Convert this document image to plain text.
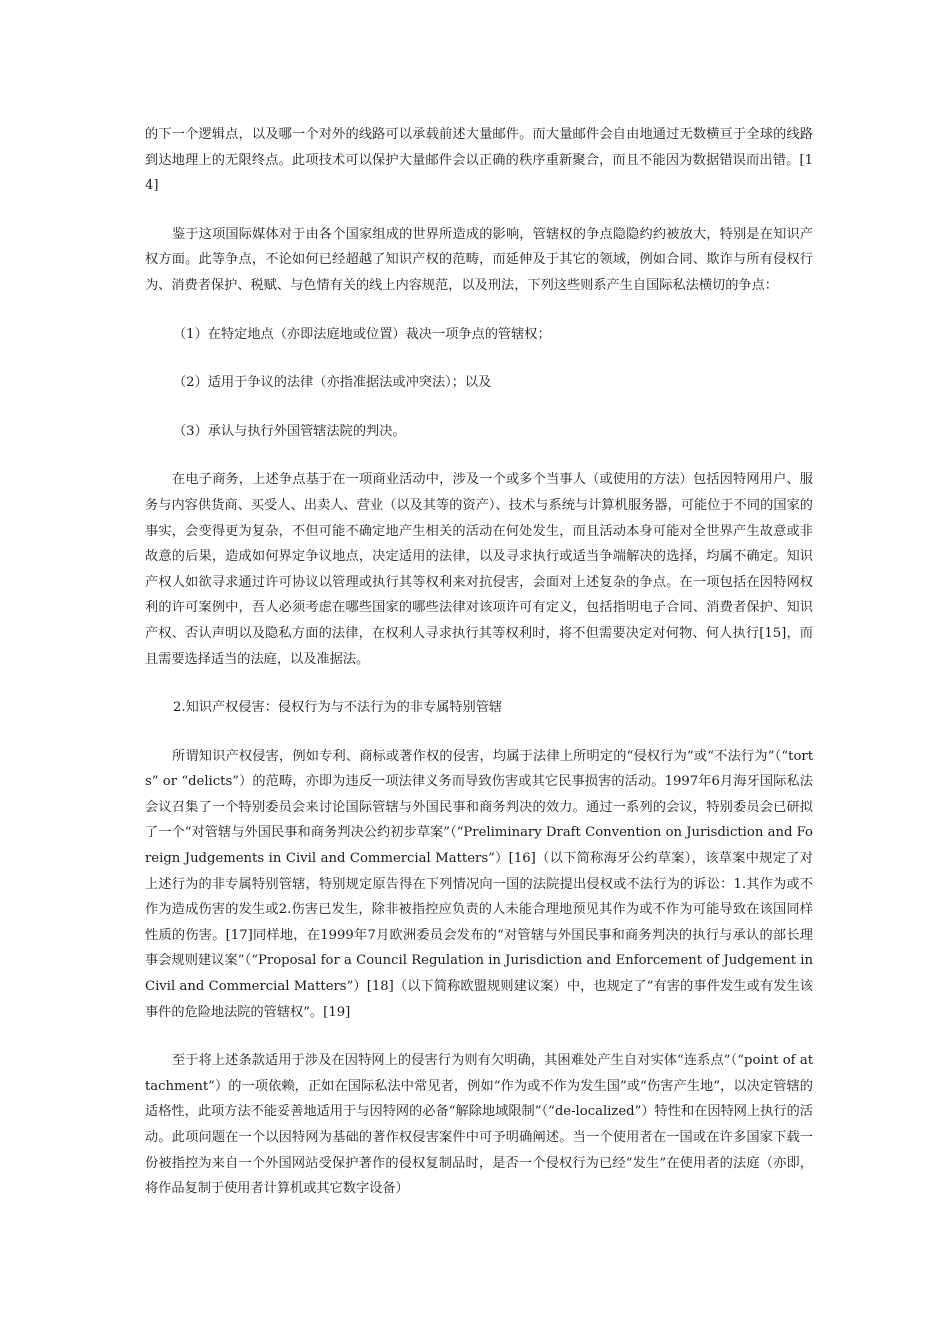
的下一个逻辑点，以及哪一个对外的线路可以承载前述大量邮件。而大量邮件会自由地通过无数横亘于全球的线路到达地理上的无限终点。此项技术可以保护大量邮件会以正确的秩序重新聚合，而且不能因为数据错误而出错。[14]

鉴于这项国际媒体对于由各个国家组成的世界所造成的影响，管辖权的争点隐隐约约被放大，特别是在知识产权方面。此等争点，不论如何已经超越了知识产权的范畴，而延伸及于其它的领域，例如合同、欺诈与所有侵权行为、消费者保护、税赋、与色情有关的线上内容规范，以及刑法，下列这些则系产生自国际私法横切的争点：

（1）在特定地点（亦即法庭地或位置）裁决一项争点的管辖权；

（2）适用于争议的法律（亦指准据法或冲突法）；以及

（3）承认与执行外国管辖法院的判决。

在电子商务，上述争点基于在一项商业活动中，涉及一个或多个当事人（或使用的方法）包括因特网用户、服务与内容供货商、买受人、出卖人、营业（以及其等的资产）、技术与系统与计算机服务器，可能位于不同的国家的事实，会变得更为复杂，不但可能不确定地产生相关的活动在何处发生，而且活动本身可能对全世界产生故意或非故意的后果，造成如何界定争议地点，决定适用的法律，以及寻求执行或适当争端解决的选择，均属不确定。知识产权人如欲寻求通过许可协议以管理或执行其等权利来对抗侵害，会面对上述复杂的争点。在一项包括在因特网权利的许可案例中，吾人必须考虑在哪些国家的哪些法律对该项许可有定义，包括指明电子合同、消费者保护、知识产权、否认声明以及隐私方面的法律，在权利人寻求执行其等权利时，将不但需要决定对何物、何人执行[15]，而且需要选择适当的法庭，以及准据法。

2.知识产权侵害：侵权行为与不法行为的非专属特别管辖

所谓知识产权侵害，例如专利、商标或著作权的侵害，均属于法律上所明定的“侵权行为”或“不法行为”（“torts” or “delicts”）的范畴，亦即为违反一项法律义务而导致伤害或其它民事损害的活动。1997年6月海牙国际私法会议召集了一个特别委员会来讨论国际管辖与外国民事和商务判决的效力。通过一系列的会议，特别委员会已研拟了一个“对管辖与外国民事和商务判决公约初步草案”（“Preliminary Draft Convention on Jurisdiction and Foreign Judgements in Civil and Commercial Matters”）[16]（以下简称海牙公约草案），该草案中规定了对上述行为的非专属特别管辖，特别规定原告得在下列情况向一国的法院提出侵权或不法行为的诉讼：1.其作为或不作为造成伤害的发生或2.伤害已发生，除非被指控应负责的人未能合理地预见其作为或不作为可能导致在该国同样性质的伤害。[17]同样地，在1999年7月欧洲委员会发布的“对管辖与外国民事和商务判决的执行与承认的部长理事会规则建议案”（“Proposal for a Council Regulation in Jurisdiction and Enforcement of Judgement in Civil and Commercial Matters”）[18]（以下简称欧盟规则建议案）中，也规定了“有害的事件发生或有发生该事件的危险地法院的管辖权”。[19]

至于将上述条款适用于涉及在因特网上的侵害行为则有欠明确，其困难处产生自对实体“连系点”（“point of attachment”）的一项依赖，正如在国际私法中常见者，例如“作为或不作为发生国”或“伤害产生地”，以决定管辖的适格性，此项方法不能妥善地适用于与因特网的必备“解除地域限制”（“de-localized”）特性和在因特网上执行的活动。此项问题在一个以因特网为基础的著作权侵害案件中可予明确阐述。当一个使用者在一国或在许多国家下载一份被指控为来自一个外国网站受保护著作的侵权复制品时，是否一个侵权行为已经“发生”在使用者的法庭（亦即，将作品复制于使用者计算机或其它数字设备）
